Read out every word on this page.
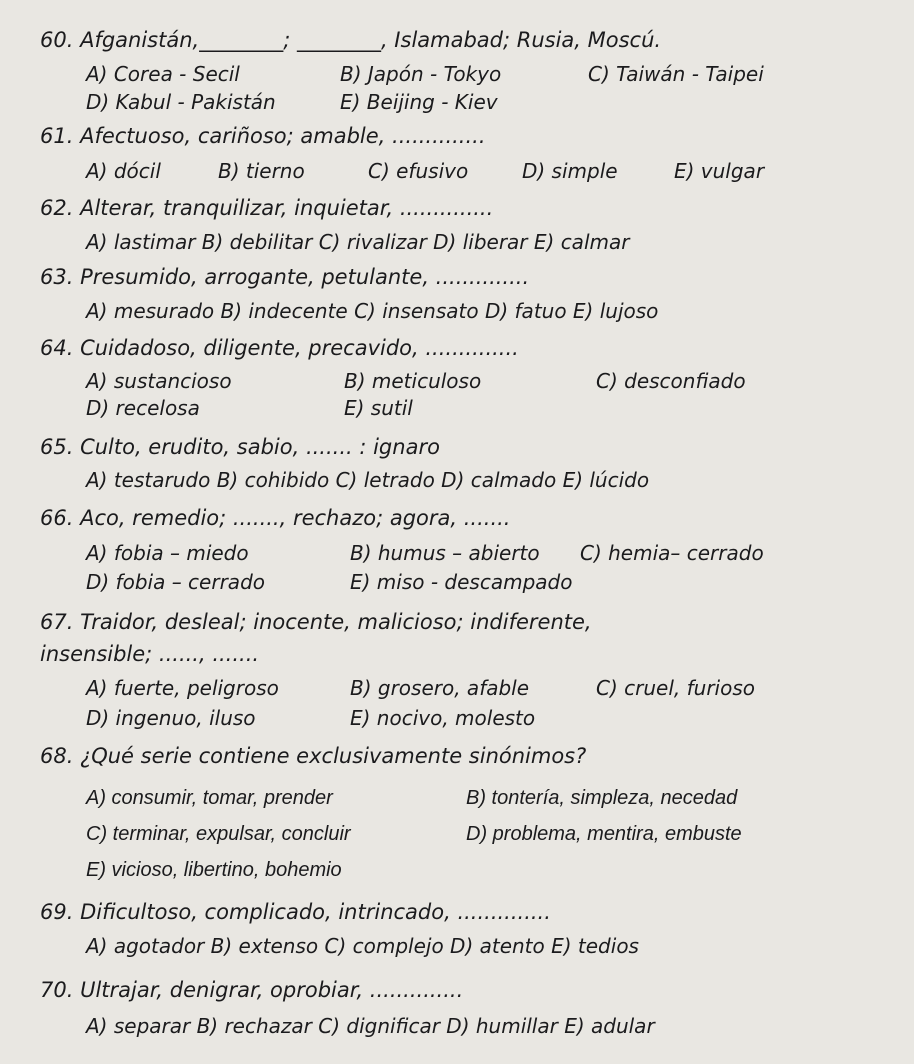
60. Afganistán,________; ________, Islamabad; Rusia, Moscú.
A) Corea - Secil	B) Japón - Tokyo	C) Taiwán - Taipei
D) Kabul - Pakistán	E) Beijing - Kiev
61. Afectuoso, cariñoso; amable, ..............
A) dócil	B) tierno	C) efusivo	D) simple	E) vulgar
62. Alterar, tranquilizar, inquietar, ..............
A) lastimar B) debilitar C) rivalizar D) liberar E) calmar
63. Presumido, arrogante, petulante, ..............
A) mesurado B) indecente C) insensato D) fatuo E) lujoso
64. Cuidadoso, diligente, precavido, ..............
A) sustancioso	B) meticuloso	C) desconfiado
D) recelosa	E) sutil
65. Culto, erudito, sabio, ....... : ignaro
A) testarudo B) cohibido C) letrado D) calmado E) lúcido
66. Aco, remedio; ......., rechazo; agora, .......
A) fobia – miedo	B) humus – abierto C) hemia– cerrado
D) fobia – cerrado	E) miso - descampado
67. Traidor, desleal; inocente, malicioso; indiferente,
insensible; ......, .......
A) fuerte, peligroso	B) grosero, afable	C) cruel, furioso
D) ingenuo, iluso	E) nocivo, molesto
68. ¿Qué serie contiene exclusivamente sinónimos?
A) consumir, tomar, prender	B) tontería, simpleza, necedad
C) terminar, expulsar, concluir	D) problema, mentira, embuste
E) vicioso, libertino, bohemio
69. Dificultoso, complicado, intrincado, ..............
A) agotador B) extenso C) complejo D) atento E) tedios
70. Ultrajar, denigrar, oprobiar, ..............
A) separar B) rechazar C) dignificar D) humillar E) adular
